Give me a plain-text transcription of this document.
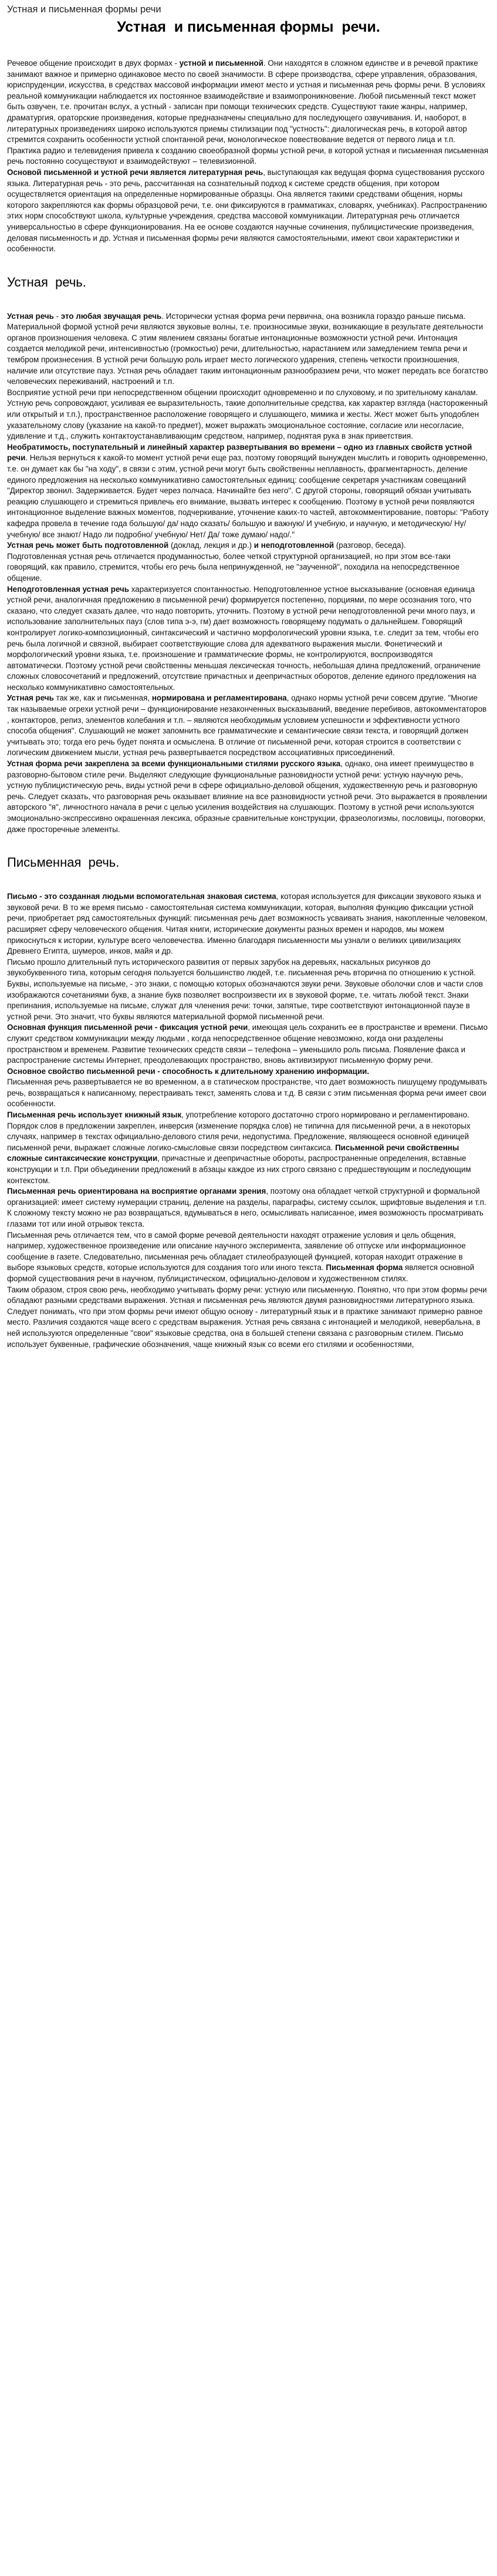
Устная и письменная формы речи
Устная  и письменная формы  речи.

Речевое общение происходит в двух формах - устной и письменной. Они находятся в сложном единстве и в речевой практике занимают важное и примерно одинаковое место по своей значимости. В сфере производства, сфере управления, образования, юриспруденции, искусства, в средствах массовой информации имеют место и устная и письменная речь формы речи. В условиях реальной коммуникации наблюдается их постоянное взаимодействие и взаимопроникновение. Любой письменный текст может быть озвучен, т.е. прочитан вслух, а устный - записан при помощи технических средств. Существуют такие жанры, например, драматургия, ораторские произведения, которые предназначены специально для последующего озвучивания. И, наоборот, в литературных произведениях широко используются приемы стилизации под "устность": диалогическая речь, в которой автор стремится сохранить особенности устной спонтанной речи, монологическое повествование ведется от первого лица и т.п. Практика радио и телевидения привела к созданию своеобразной формы устной речи, в которой устная и письменная письменная речь постоянно сосуществуют и взаимодействуют – телевизионной.

Основой письменной и устной речи является литературная речь, выступающая как ведущая форма существования русского языка. Литературная речь - это речь, рассчитанная на сознательный подход к системе средств общения, при котором осуществляется ориентация на определенные нормированные образцы. Она является такими средствами общения, нормы которого закрепляются как формы образцовой речи, т.е. они фиксируются в грамматиках, словарях, учебниках). Распространению этих норм способствуют школа, культурные учреждения, средства массовой коммуникации. Литературная речь отличается универсальностью в сфере функционирования. На ее основе создаются научные сочинения, публицистические произведения, деловая письменность и др. Устная и письменная формы речи являются самостоятельными, имеют свои характеристики и особенности.

Устная  речь.

Устная речь - это любая звучащая речь. Исторически устная форма речи первична, она возникла гораздо раньше письма. Материальной формой устной речи являются звуковые волны, т.е. произносимые звуки, возникающие в результате деятельности органов произношения человека. С этим явлением связаны богатые интонационные возможности устной речи. Интонация создается мелодикой речи, интенсивностью (громкостью) речи, длительностью, нарастанием или замедлением темпа речи и тембром произнесения. В устной речи большую роль играет место логического ударения, степень четкости произношения, наличие или отсутствие пауз. Устная речь обладает таким интонационным разнообразием речи, что может передать все богатство человеческих переживаний, настроений и т.п.

Восприятие устной речи при непосредственном общении происходит одновременно и по слуховому, и по зрительному каналам. Устную речь сопровождают, усиливая ее выразительность, такие дополнительные средства, как характер взгляда (настороженный или открытый и т.п.), пространственное расположение говорящего и слушающего, мимика и жесты. Жест может быть уподоблен указательному слову (указание на какой-то предмет), может выражать эмоциональное состояние, согласие или несогласие, удивление и т.д., служить контактоустанавливающим средством, например, поднятая рука в знак приветствия.

Необратимость, поступательный и линейный характер развертывания во времени – одно из главных свойств устной речи. Нельзя вернуться к какой-то момент устной речи еще раз, поэтому говорящий вынужден мыслить и говорить одновременно, т.е. он думает как бы "на ходу", в связи с этим, устной речи могут быть свойственны неплавность, фрагментарность, деление единого предложения на несколько коммуникативно самостоятельных единиц: сообщение секретаря участникам совещаний "Директор звонил. Задерживается. Будет через полчаса. Начинайте без него". С другой стороны, говорящий обязан учитывать реакцию слушающего и стремиться привлечь его внимание, вызвать интерес к сообщению. Поэтому в устной речи появляются интонационное выделение важных моментов, подчеркивание, уточнение каких-то частей, автокомментирование, повторы: "Работу кафедра провела в течение года большую/ да/ надо сказать/ большую и важную/ И учебную, и научную, и методическую/ Ну/ учебную/ все знают/ Надо ли подробно/ учебную/ Нет/ Да/ тоже думаю/ надо/."

Устная речь может быть подготовленной (доклад, лекция и др.) и неподготовленной (разговор, беседа).

Подготовленная устная речь отличается продуманностью, более четкой структурной организацией, но при этом все-таки говорящий, как правило, стремится, чтобы его речь была непринужденной, не "заученной", походила на непосредственное общение.

Неподготовленная устная речь характеризуется спонтанностью. Неподготовленное устное высказывание (основная единица устной речи, аналогичная предложению в письменной речи) формируется постепенно, порциями, по мере осознания того, что сказано, что следует сказать далее, что надо повторить, уточнить. Поэтому в устной речи неподготовленной речи много пауз, и использование заполнительных пауз (слов типа э-э, гм) дает возможность говорящему подумать о дальнейшем. Говорящий контролирует логико-композиционный, синтаксический и частично морфологический уровни языка, т.е. следит за тем, чтобы его речь была логичной и связной, выбирает соответствующие слова для адекватного выражения мысли. Фонетический и морфологический уровни языка, т.е. произношение и грамматические формы, не контролируются, воспроизводятся автоматически. Поэтому устной речи свойственны меньшая лексическая точность, небольшая длина предложений, ограничение сложных словосочетаний и предложений, отсутствие причастных и деепричастных оборотов, деление единого предложения на несколько коммуникативно самостоятельных.

Устная речь так же, как и письменная, нормирована и регламентирована, однако нормы устной речи совсем другие. "Многие так называемые огрехи устной речи – функционирование незаконченных высказываний, введение перебивов, автокомментаторов , контакторов, репиз, элементов колебания и т.п. – являются необходимым условием успешности и эффективности устного способа общения". Слушающий не может запомнить все грамматические и семантические связи текста, и говорящий должен учитывать это; тогда его речь будет понята и осмыслена. В отличие от письменной речи, которая строится в соответствии с логическим движением мысли, устная речь развертывается посредством ассоциативных присоединений.

Устная форма речи закреплена за всеми функциональными стилями русского языка, однако, она имеет преимущество в разговорно-бытовом стиле речи. Выделяют следующие функциональные разновидности устной речи: устную научную речь, устную публицистическую речь, виды устной речи в сфере официально-деловой общения, художественную речь и разговорную речь. Следует сказать, что разговорная речь оказывает влияние на все разновидности устной речи. Это выражается в проявлении авторского "я", личностного начала в речи с целью усиления воздействия на слушающих. Поэтому в устной речи используются эмоционально-экспрессивно окрашенная лексика, образные сравнительные конструкции, фразеологизмы, пословицы, поговорки, даже просторечные элементы.

Письменная  речь.

Письмо - это созданная людьми вспомогательная знаковая система, которая используется для фиксации звукового языка и звуковой речи. В то же время письмо - самостоятельная система коммуникации, которая, выполняя функцию фиксации устной речи, приобретает ряд самостоятельных функций: письменная речь дает возможность усваивать знания, накопленные человеком, расширяет сферу человеческого общения. Читая книги, исторические документы разных времен и народов, мы можем прикоснуться к истории, культуре всего человечества. Именно благодаря письменности мы узнали о великих цивилизациях Древнего Египта, шумеров, инков, майя и др.

Письмо прошло длительный путь исторического развития от первых зарубок на деревьях, наскальных рисунков до звукобуквенного типа, которым сегодня пользуется большинство людей, т.е. письменная речь вторична по отношению к устной. Буквы, используемые на письме, - это знаки, с помощью которых обозначаются звуки речи. Звуковые оболочки слов и части слов изображаются сочетаниями букв, а знание букв позволяет воспроизвести их в звуковой форме, т.е. читать любой текст. Знаки препинания, используемые на письме, служат для членения речи: точки, запятые, тире соответствуют интонационной паузе в устной речи. Это значит, что буквы являются материальной формой письменной речи.

Основная функция письменной речи - фиксация устной речи, имеющая цель сохранить ее в пространстве и времени. Письмо служит средством коммуникации между людьми , когда непосредственное общение невозможно, когда они разделены пространством и временем. Развитие технических средств связи – телефона – уменьшило роль письма. Появление факса и распространение системы Интернет, преодолевающих пространство, вновь активизируют письменную форму речи.

Основное свойство письменной речи - способность к длительному хранению информации.

Письменная речь развертывается не во временном, а в статическом пространстве, что дает возможность пишущему продумывать речь, возвращаться к написанному, перестраивать текст, заменять слова и т.д. В связи с этим письменная форма речи имеет свои особенности.

Письменная речь использует книжный язык, употребление которого достаточно строго нормировано и регламентировано. Порядок слов в предложении закреплен, инверсия (изменение порядка слов) не типична для письменной речи, а в некоторых случаях, например в текстах официально-делового стиля речи, недопустима. Предложение, являющееся основной единицей письменной речи, выражает сложные логико-смысловые связи посредством синтаксиса. Письменной речи свойственны сложные синтаксические конструкции, причастные и деепричастные обороты, распространенные определения, вставные конструкции и т.п. При объединении предложений в абзацы каждое из них строго связано с предшествующим и последующим контекстом.

Письменная речь ориентирована на восприятие органами зрения, поэтому она обладает четкой структурной и формальной организацией: имеет систему нумерации страниц, деление на разделы, параграфы, систему ссылок, шрифтовые выделения и т.п.

К сложному тексту можно не раз возвращаться, вдумываться в него, осмысливать написанное, имея возможность просматривать глазами тот или иной отрывок текста.

Письменная речь отличается тем, что в самой форме речевой деятельности находят отражение условия и цель общения, например, художественное произведение или описание научного эксперимента, заявление об отпуске или информационное сообщение в газете. Следовательно, письменная речь обладает стилеобразующей функцией, которая находит отражение в выборе языковых средств, которые используются для создания того или иного текста. Письменная форма является основной формой существования речи в научном, публицистическом, официально-деловом и художественном стилях.

Таким образом, строя свою речь, необходимо учитывать форму речи: устную или письменную. Понятно, что при этом формы речи обладают разными средствами выражения. Устная и письменная речь являются двумя разновидностями литературного языка. Следует понимать, что при этом формы речи имеют общую основу - литературный язык и в практике занимают примерно равное место. Различия создаются чаще всего с средствам выражения. Устная речь связана с интонацией и мелодикой, невербальна, в ней используются определенные "свои" языковые средства, она в большей степени связана с разговорным стилем. Письмо использует буквенные, графические обозначения, чаще книжный язык со всеми его стилями и особенностями,
